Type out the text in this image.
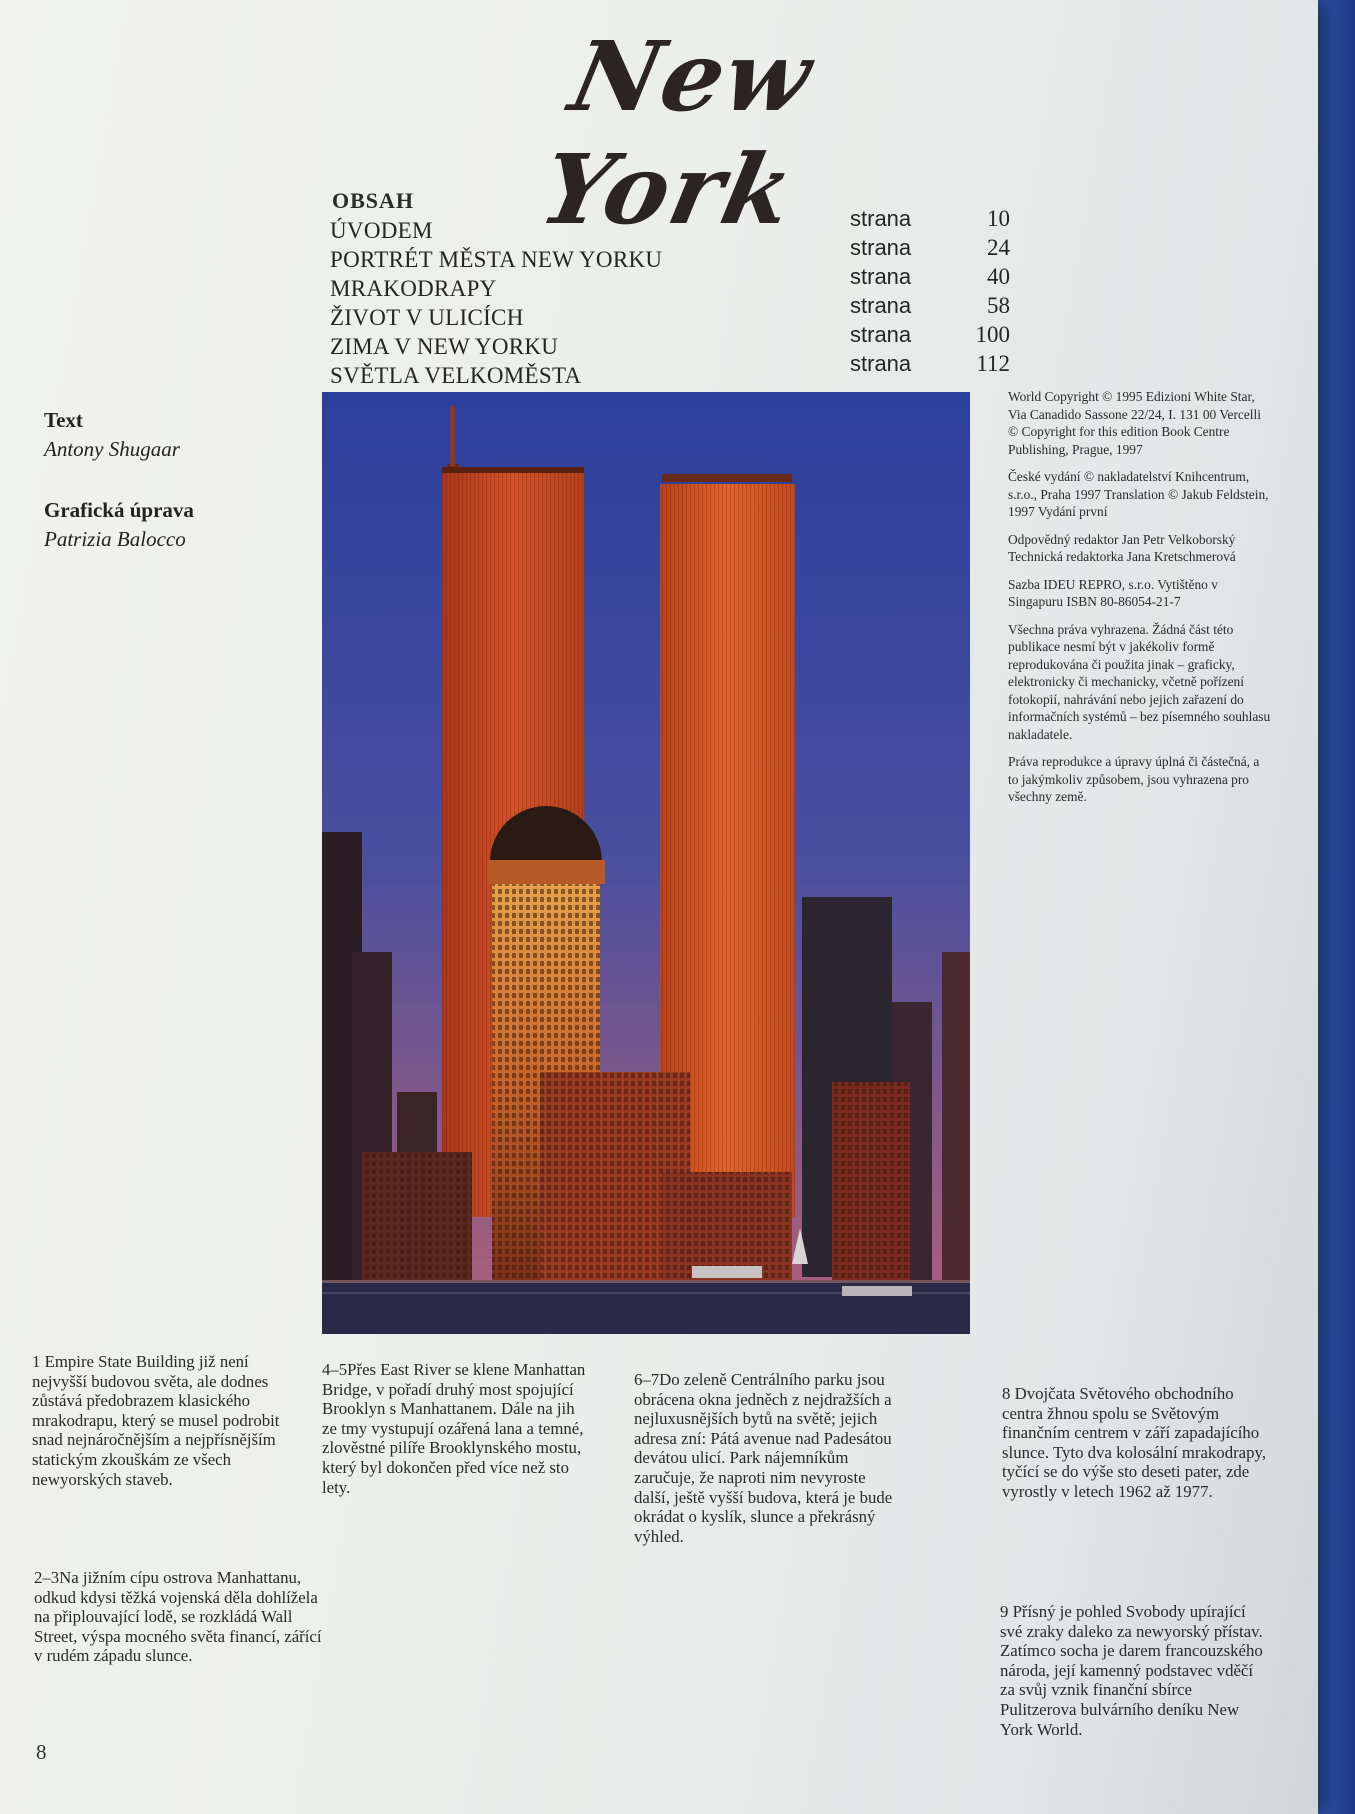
New York
OBSAH
ÚVODEM	strana	10
PORTRÉT MĚSTA NEW YORKU	strana	24
MRAKODRAPY	strana	40
ŽIVOT V ULICÍCH	strana	58
ZIMA V NEW YORKU	strana	100
SVĚTLA VELKOMĚSTA	strana	112
Text
Antony Shugaar
Grafická úprava
Patrizia Balocco

World Copyright © 1995 Edizioni White Star, Via Canadido Sassone 22/24, I. 131 00 Vercelli © Copyright for this edition Book Centre Publishing, Prague, 1997

České vydání © nakladatelství Knihcentrum, s.r.o., Praha 1997 Translation © Jakub Feldstein, 1997 Vydání první

Odpovědný redaktor Jan Petr Velkoborský Technická redaktorka Jana Kretschmerová

Sazba IDEU REPRO, s.r.o. Vytištěno v Singapuru ISBN 80-86054-21-7

Všechna práva vyhrazena. Žádná část této publikace nesmí být v jakékoliv formě reprodukována či použita jinak – graficky, elektronicky či mechanicky, včetně pořízení fotokopií, nahrávání nebo jejich zařazení do informačních systémů – bez písemného souhlasu nakladatele.

Práva reprodukce a úpravy úplná či částečná, a to jakýmkoliv způsobem, jsou vyhrazena pro všechny země.

1 Empire State Building již není nejvyšší budovou světa, ale dodnes zůstává předobrazem klasického mrakodrapu, který se musel podrobit snad nejnáročnějším a nejpřísnějším statickým zkouškám ze všech newyorských staveb.
2–3Na jižním cípu ostrova Manhattanu, odkud kdysi těžká vojenská děla dohlížela na připlouvající lodě, se rozkládá Wall Street, výspa mocného světa financí, zářící v rudém západu slunce.
4–5Přes East River se klene Manhattan Bridge, v pořadí druhý most spojující Brooklyn s Manhattanem. Dále na jih ze tmy vystupují ozářená lana a temné, zlověstné pilíře Brooklynského mostu, který byl dokončen před více než sto lety.
6–7Do zeleně Centrálního parku jsou obrácena okna jedněch z nejdražších a nejluxusnějších bytů na světě; jejich adresa zní: Pátá avenue nad Padesátou devátou ulicí. Park nájemníkům zaručuje, že naproti nim nevyroste další, ještě vyšší budova, která je bude okrádat o kyslík, slunce a překrásný výhled.
8 Dvojčata Světového obchodního centra žhnou spolu se Světovým finančním centrem v září zapadajícího slunce. Tyto dva kolosální mrakodrapy, tyčící se do výše sto deseti pater, zde vyrostly v letech 1962 až 1977.
9 Přísný je pohled Svobody upírající své zraky daleko za newyorský přístav. Zatímco socha je darem francouzského národa, její kamenný podstavec vděčí za svůj vznik finanční sbírce Pulitzerova bulvárního deníku New York World.
8
